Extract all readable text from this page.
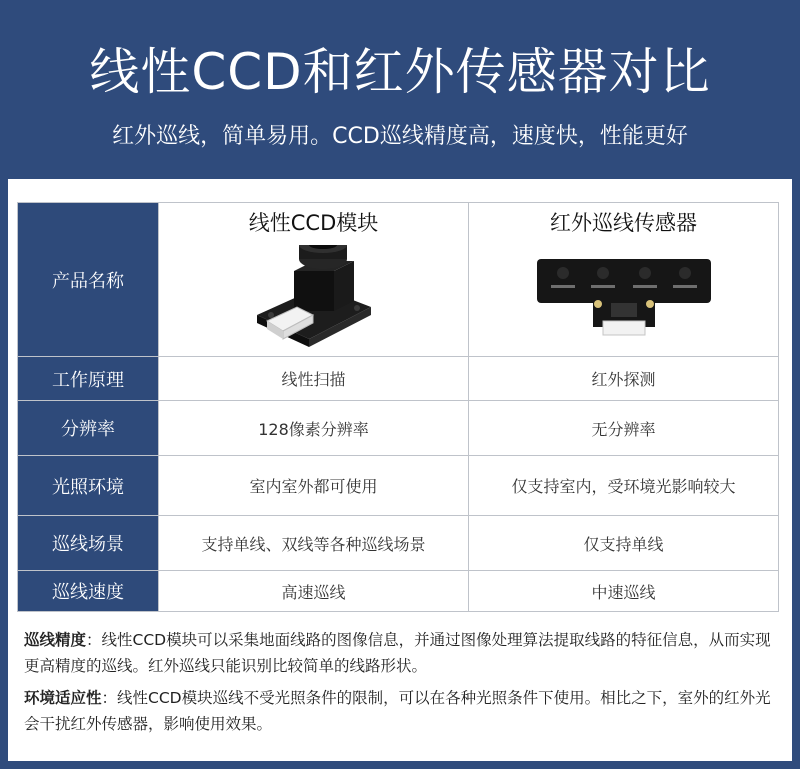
线性CCD和红外传感器对比
红外巡线，简单易用。CCD巡线精度高，速度快，性能更好
产品名称	线性CCD模块	红外巡线传感器

工作原理	线性扫描	红外探测
分辨率	128像素分辨率	无分辨率
光照环境	室内室外都可使用	仅支持室内，受环境光影响较大
巡线场景	支持单线、双线等各种巡线场景	仅支持单线
巡线速度	高速巡线	中速巡线

巡线精度：线性CCD模块可以采集地面线路的图像信息，并通过图像处理算法提取线路的特征信息，从而实现更高精度的巡线。红外巡线只能识别比较简单的线路形状。

环境适应性：线性CCD模块巡线不受光照条件的限制，可以在各种光照条件下使用。相比之下，室外的红外光会干扰红外传感器，影响使用效果。
